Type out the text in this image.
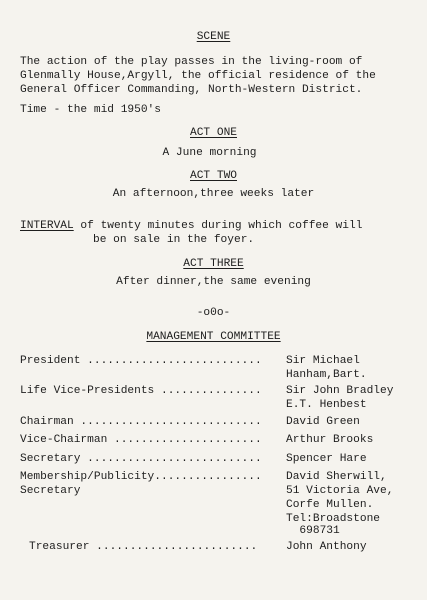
SCENE
The action of the play passes in the living-room of
Glenmally House,Argyll, the official residence of the
General Officer Commanding, North-Western District.
Time - the mid 1950's
ACT ONE
A June morning
ACT TWO
An afternoon,three weeks later
INTERVAL of twenty minutes during which coffee will
be on sale in the foyer.
ACT THREE
After dinner,the same evening
-o0o-
MANAGEMENT COMMITTEE
President .......................... Sir Michael
Hanham,Bart.
Life Vice-Presidents ............... Sir John Bradley
E.T. Henbest
Chairman ........................... David Green
Vice-Chairman ...................... Arthur Brooks
Secretary .......................... Spencer Hare
Membership/Publicity................
Secretary
David Sherwill,
51 Victoria Ave,
Corfe Mullen.
Tel:Broadstone
698731
Treasurer ........................	John Anthony
